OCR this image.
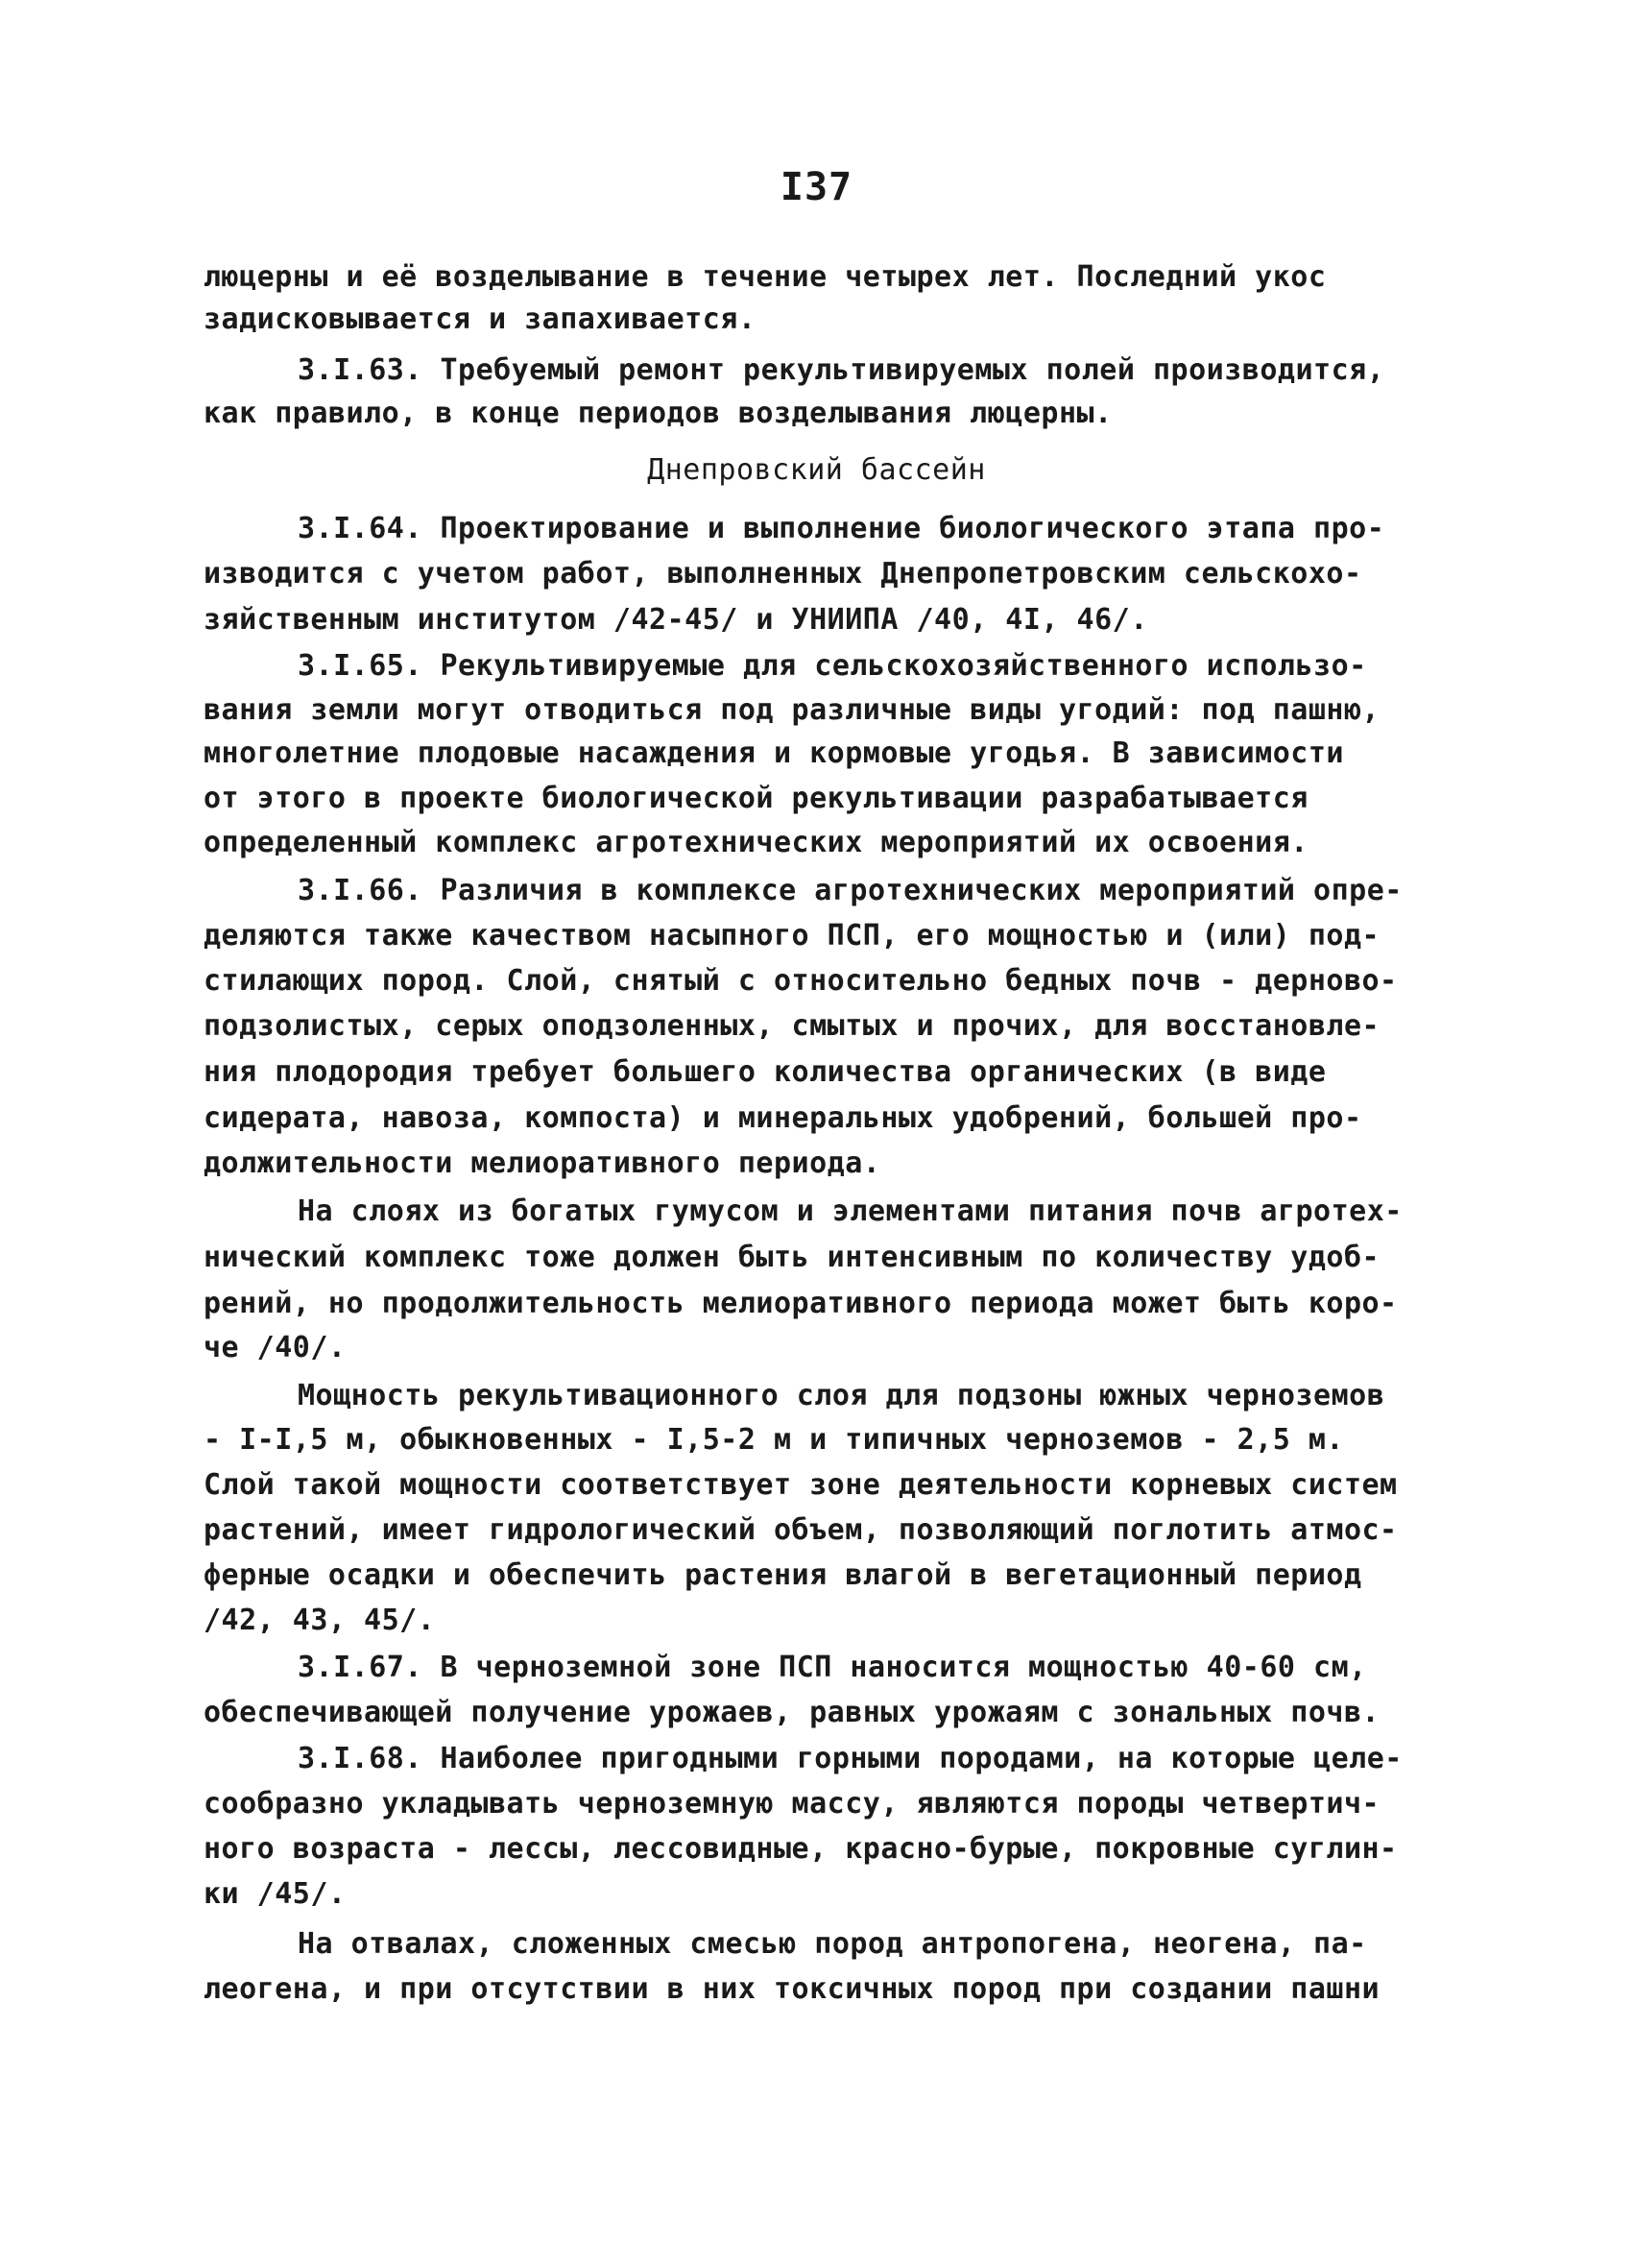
I37
люцерны и её возделывание в течение четырех лет. Последний укос
задисковывается и запахивается.
3.I.63. Требуемый ремонт рекультивируемых полей производится,
как правило, в конце периодов возделывания люцерны.
Днепровский бассейн
3.I.64. Проектирование и выполнение биологического этапа про-
изводится с учетом работ, выполненных Днепропетровским сельскохо-
зяйственным институтом /42-45/ и УНИИПА /40, 4I, 46/.
3.I.65. Рекультивируемые для сельскохозяйственного использо-
вания земли могут отводиться под различные виды угодий: под пашню,
многолетние плодовые насаждения и кормовые угодья. В зависимости
от этого в проекте биологической рекультивации разрабатывается
определенный комплекс агротехнических мероприятий их освоения.
3.I.66. Различия в комплексе агротехнических мероприятий опре-
деляются также качеством насыпного ПСП, его мощностью и (или) под-
стилающих пород. Слой, снятый с относительно бедных почв - дерново-
подзолистых, серых оподзоленных, смытых и прочих, для восстановле-
ния плодородия требует большего количества органических (в виде
сидерата, навоза, компоста) и минеральных удобрений, большей про-
должительности мелиоративного периода.
На слоях из богатых гумусом и элементами питания почв агротех-
нический комплекс тоже должен быть интенсивным по количеству удоб-
рений, но продолжительность мелиоративного периода может быть коро-
че /40/.
Мощность рекультивационного слоя для подзоны южных черноземов
- I-I,5 м, обыкновенных - I,5-2 м и типичных черноземов - 2,5 м.
Слой такой мощности соответствует зоне деятельности корневых систем
растений, имеет гидрологический объем, позволяющий поглотить атмос-
ферные осадки и обеспечить растения влагой в вегетационный период
/42, 43, 45/.
3.I.67. В черноземной зоне ПСП наносится мощностью 40-60 см,
обеспечивающей получение урожаев, равных урожаям с зональных почв.
3.I.68. Наиболее пригодными горными породами, на которые целе-
сообразно укладывать черноземную массу, являются породы четвертич-
ного возраста - лессы, лессовидные, красно-бурые, покровные суглин-
ки /45/.
На отвалах, сложенных смесью пород антропогена, неогена, па-
леогена, и при отсутствии в них токсичных пород при создании пашни
